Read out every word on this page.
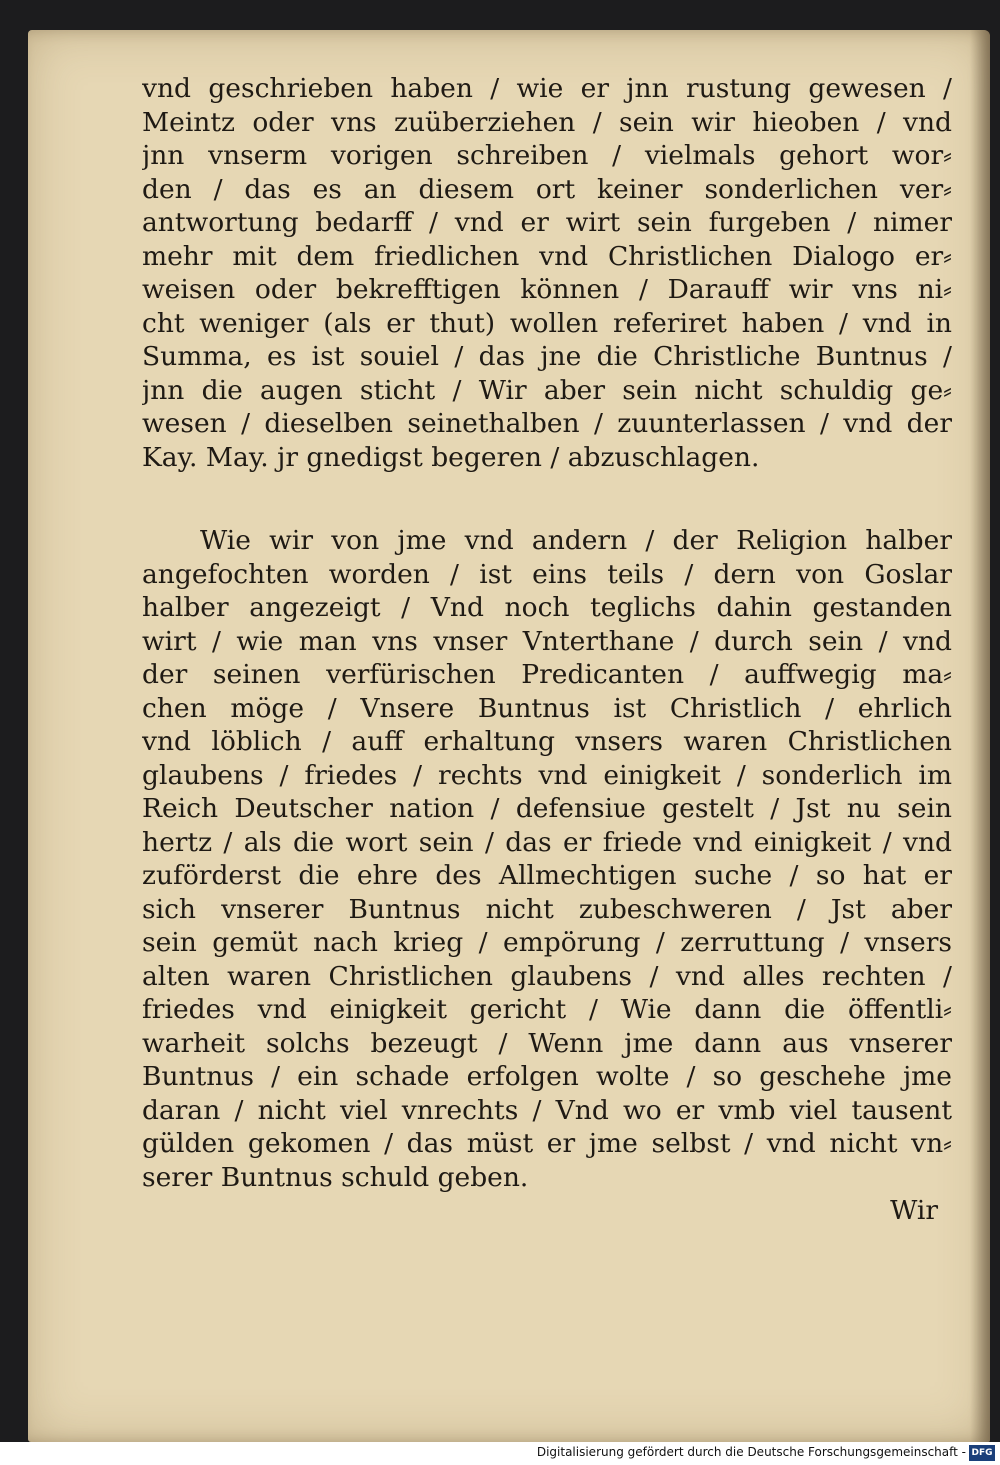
vnd geschrieben haben / wie er jnn rustung gewesen /
Meintz oder vns zuüberziehen / sein wir hieoben / vnd
jnn vnserm vorigen schreiben / vielmals gehort wor⸗
den / das es an diesem ort keiner sonderlichen ver⸗
antwortung bedarff / vnd er wirt sein furgeben / nimer
mehr mit dem friedlichen vnd Christlichen Dialogo er⸗
weisen oder bekrefftigen können / Darauff wir vns ni⸗
cht weniger (als er thut) wollen referiret haben / vnd in
Summa, es ist souiel / das jne die Christliche Buntnus /
jnn die augen sticht / Wir aber sein nicht schuldig ge⸗
wesen / dieselben seinethalben / zuunterlassen / vnd der
Kay. May. jr gnedigst begeren / abzuschlagen.
Wie wir von jme vnd andern / der Religion halber
angefochten worden / ist eins teils / dern von Goslar
halber angezeigt / Vnd noch teglichs dahin gestanden
wirt / wie man vns vnser Vnterthane / durch sein / vnd
der seinen verfürischen Predicanten / auffwegig ma⸗
chen möge / Vnsere Buntnus ist Christlich / ehrlich
vnd löblich / auff erhaltung vnsers waren Christlichen
glaubens / friedes / rechts vnd einigkeit / sonderlich im
Reich Deutscher nation / defensiue gestelt / Jst nu sein
hertz / als die wort sein / das er friede vnd einigkeit / vnd
zuförderst die ehre des Allmechtigen suche / so hat er
sich vnserer Buntnus nicht zubeschweren / Jst aber
sein gemüt nach krieg / empörung / zerruttung / vnsers
alten waren Christlichen glaubens / vnd alles rechten /
friedes vnd einigkeit gericht / Wie dann die öffentli⸗
warheit solchs bezeugt / Wenn jme dann aus vnserer
Buntnus / ein schade erfolgen wolte / so geschehe jme
daran / nicht viel vnrechts / Vnd wo er vmb viel tausent
gülden gekomen / das müst er jme selbst / vnd nicht vn⸗
serer Buntnus schuld geben.
Wir
Digitalisierung gefördert durch die Deutsche Forschungsgemeinschaft - DFG
